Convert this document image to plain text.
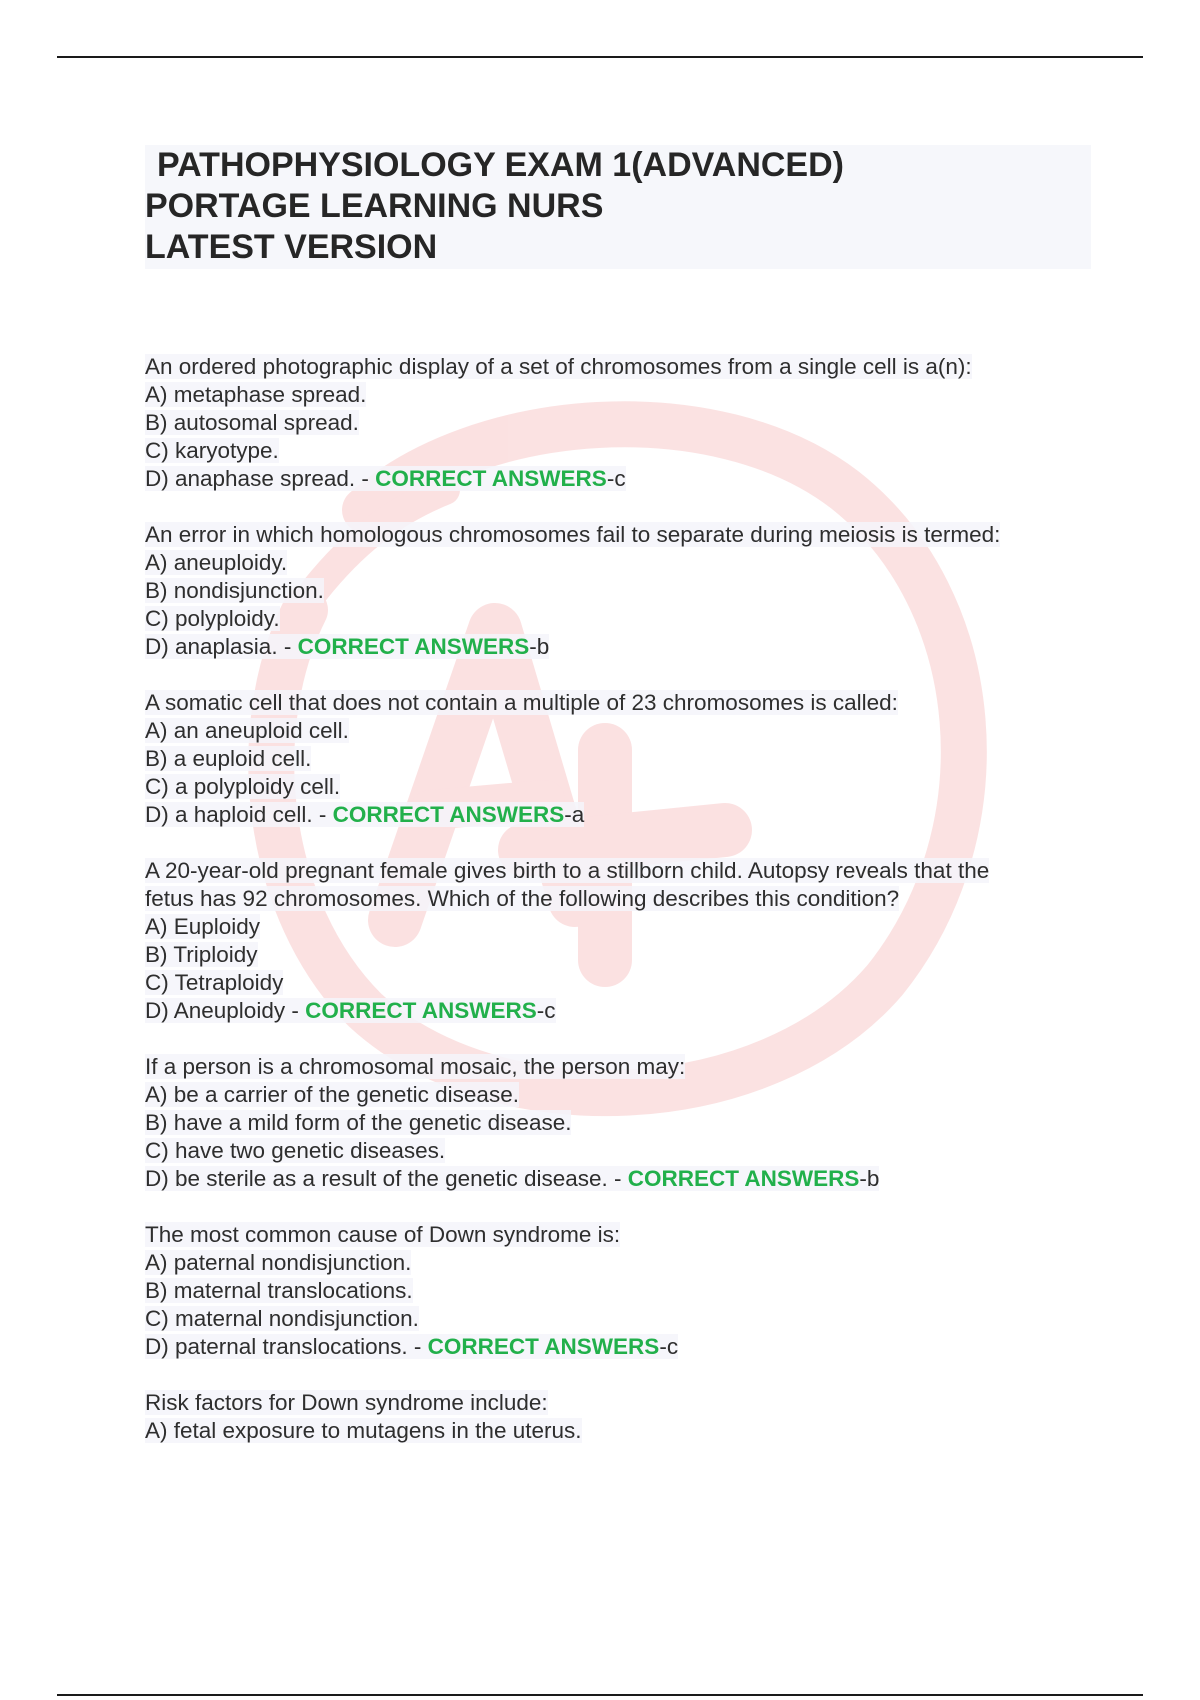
PATHOPHYSIOLOGY EXAM 1(ADVANCED)
PORTAGE LEARNING NURS
LATEST VERSION
An ordered photographic display of a set of chromosomes from a single cell is a(n):
A) metaphase spread.
B) autosomal spread.
C) karyotype.
D) anaphase spread. - CORRECT ANSWERS-c
An error in which homologous chromosomes fail to separate during meiosis is termed:
A) aneuploidy.
B) nondisjunction.
C) polyploidy.
D) anaplasia. - CORRECT ANSWERS-b
A somatic cell that does not contain a multiple of 23 chromosomes is called:
A) an aneuploid cell.
B) a euploid cell.
C) a polyploidy cell.
D) a haploid cell. - CORRECT ANSWERS-a
A 20-year-old pregnant female gives birth to a stillborn child. Autopsy reveals that the
fetus has 92 chromosomes. Which of the following describes this condition?
A) Euploidy
B) Triploidy
C) Tetraploidy
D) Aneuploidy - CORRECT ANSWERS-c
If a person is a chromosomal mosaic, the person may:
A) be a carrier of the genetic disease.
B) have a mild form of the genetic disease.
C) have two genetic diseases.
D) be sterile as a result of the genetic disease. - CORRECT ANSWERS-b
The most common cause of Down syndrome is:
A) paternal nondisjunction.
B) maternal translocations.
C) maternal nondisjunction.
D) paternal translocations. - CORRECT ANSWERS-c
Risk factors for Down syndrome include:
A) fetal exposure to mutagens in the uterus.
